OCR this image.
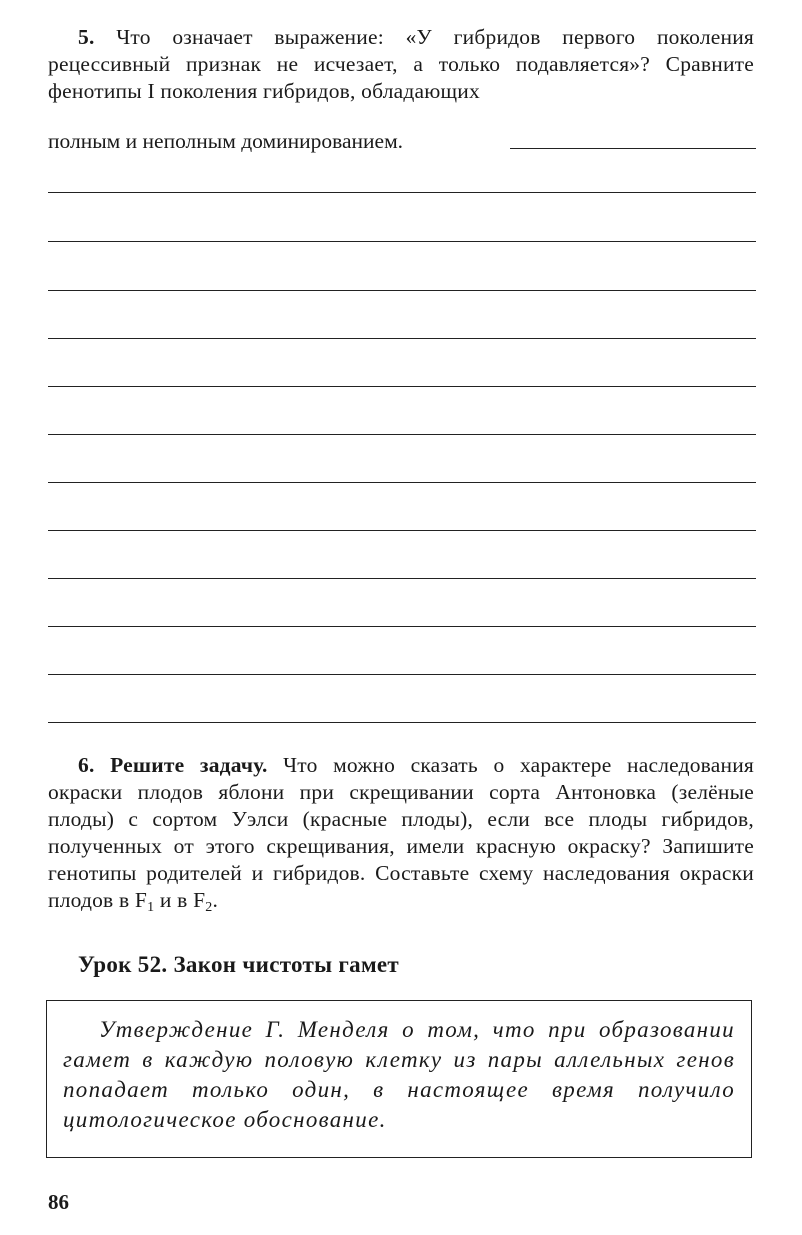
5. Что означает выражение: «У гибридов первого поколения рецессивный признак не исчезает, а только подавляется»? Сравните фенотипы I поколения гибридов, обладающих
полным и неполным доминированием.
6. Решите задачу. Что можно сказать о характере наследования окраски плодов яблони при скрещивании сорта Антоновка (зелёные плоды) с сортом Уэлси (красные плоды), если все плоды гибридов, полученных от этого скрещивания, имели красную окраску? Запишите генотипы родителей и гибридов. Составьте схему наследования окраски плодов в $F_1$ и в $F_2$.
Урок 52. Закон чистоты гамет
Утверждение Г. Менделя о том, что при образовании гамет в каждую половую клетку из пары аллельных генов попадает только один, в настоящее время получило цитологическое обоснование.
86
